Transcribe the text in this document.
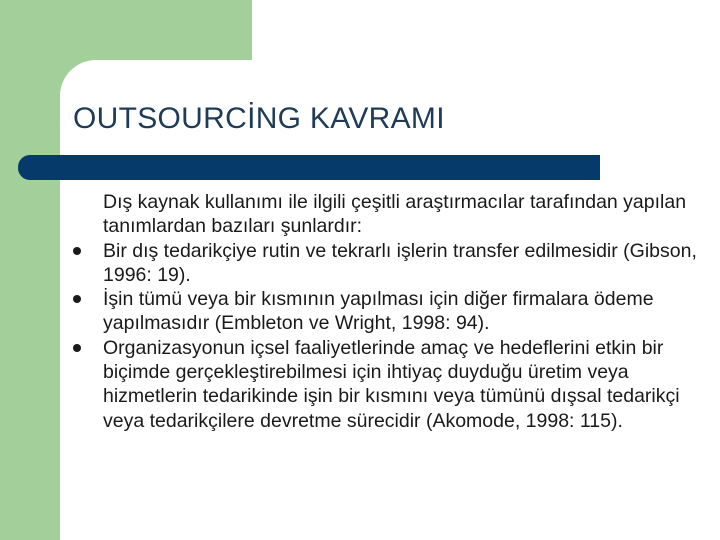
OUTSOURCİNG KAVRAMI

Dış kaynak kullanımı ile ilgili çeşitli araştırmacılar tarafından yapılan tanımlardan bazıları şunlardır:

Bir dış tedarikçiye rutin ve tekrarlı işlerin transfer edilmesidir (Gibson, 1996: 19).
İşin tümü veya bir kısmının yapılması için diğer firmalara ödeme yapılmasıdır (Embleton ve Wright, 1998: 94).
Organizasyonun içsel faaliyetlerinde amaç ve hedeflerini etkin bir biçimde gerçekleştirebilmesi için ihtiyaç duyduğu üretim veya hizmetlerin tedarikinde işin bir kısmını veya tümünü dışsal tedarikçi veya tedarikçilere devretme sürecidir (Akomode, 1998: 115).
